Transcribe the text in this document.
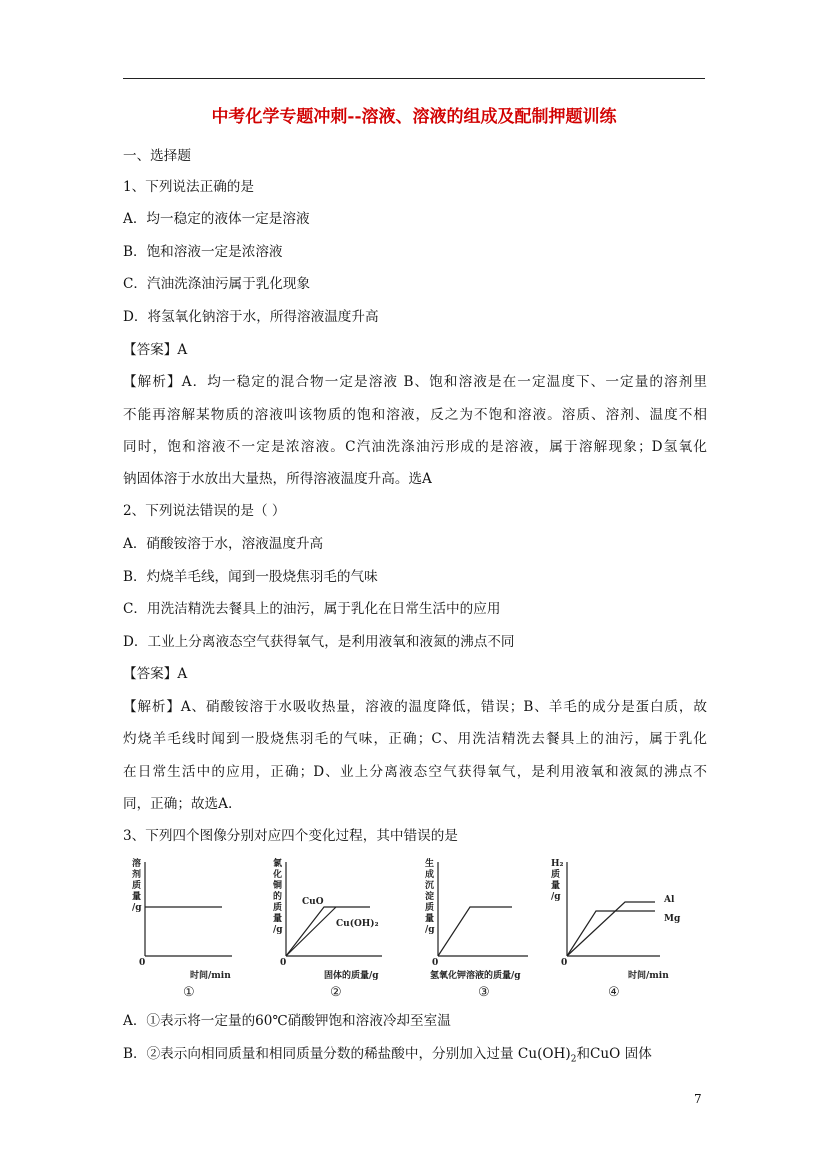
中考化学专题冲刺--溶液、溶液的组成及配制押题训练
一、选择题
1、下列说法正确的是
A．均一稳定的液体一定是溶液
B．饱和溶液一定是浓溶液
C．汽油洗涤油污属于乳化现象
D．将氢氧化钠溶于水，所得溶液温度升高
【答案】A
【解析】A．均一稳定的混合物一定是溶液 B、饱和溶液是在一定温度下、一定量的溶剂里
不能再溶解某物质的溶液叫该物质的饱和溶液，反之为不饱和溶液。溶质、溶剂、温度不相
同时，饱和溶液不一定是浓溶液。C汽油洗涤油污形成的是溶液，属于溶解现象；D氢氧化
钠固体溶于水放出大量热，所得溶液温度升高。选A
2、下列说法错误的是（ ）
A．硝酸铵溶于水，溶液温度升高
B．灼烧羊毛线，闻到一股烧焦羽毛的气味
C．用洗洁精洗去餐具上的油污，属于乳化在日常生活中的应用
D．工业上分离液态空气获得氧气，是利用液氧和液氮的沸点不同
【答案】A
【解析】A、硝酸铵溶于水吸收热量，溶液的温度降低，错误；B、羊毛的成分是蛋白质，故
灼烧羊毛线时闻到一股烧焦羽毛的气味，正确；C、用洗洁精洗去餐具上的油污，属于乳化
在日常生活中的应用，正确；D、业上分离液态空气获得氧气，是利用液氧和液氮的沸点不
同，正确；故选A.
3、下列四个图像分别对应四个变化过程，其中错误的是
溶
剂
质
量
/g
0
时间/min
①
氯
化
铜
的
质
量
/g
CuO
Cu(OH)₂
0
固体的质量/g
②
生
成
沉
淀
质
量
/g
0
氢氧化钾溶液的质量/g
③
H₂
质
量
/g	Al
Mg
0
时间/min
④
A．①表示将一定量的60℃硝酸钾饱和溶液冷却至室温
B．②表示向相同质量和相同质量分数的稀盐酸中，分别加入过量 $Cu(OH)_2$和CuO 固体
7
